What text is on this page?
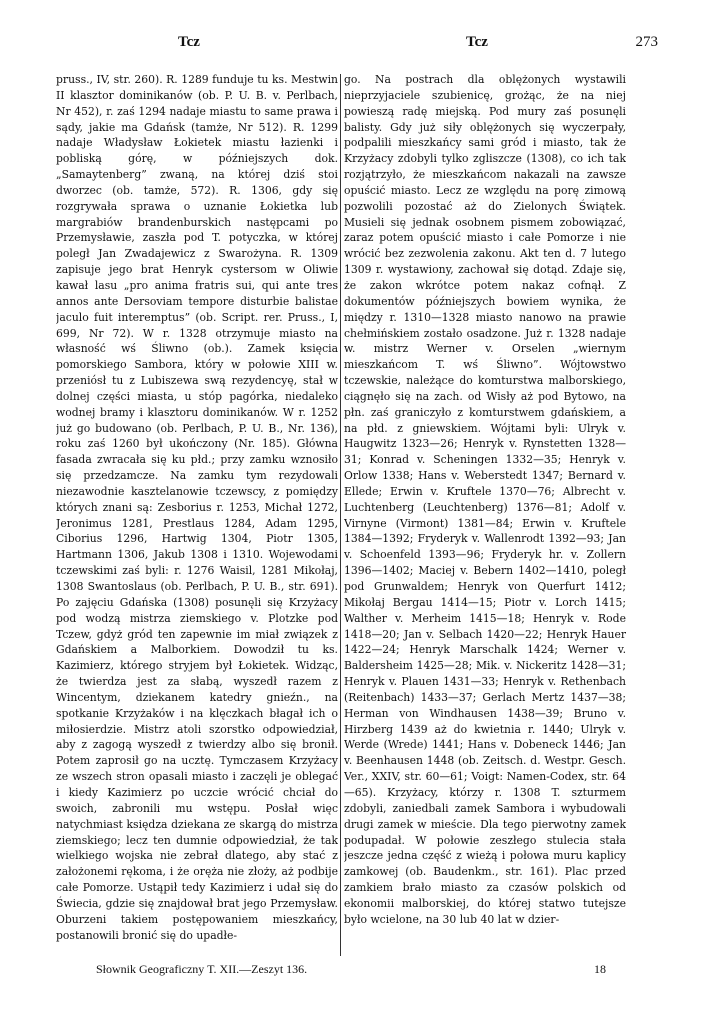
Tcz	Tcz	273

pruss., IV, str. 260). R. 1289 funduje tu ks. Mestwin II klasztor dominikanów (ob. P. U. B. v. Perlbach, Nr 452), r. zaś 1294 nadaje miastu to same prawa i sądy, jakie ma Gdańsk (tamże, Nr 512). R. 1299 nadaje Władysław Łokietek miastu łazienki i pobliską górę, w późniejszych dok. „Samaytenberg” zwaną, na której dziś stoi dworzec (ob. tamże, 572). R. 1306, gdy się rozgrywała sprawa o uznanie Łokietka lub margrabiów brandenburskich następcami po Przemysławie, zaszła pod T. potyczka, w której poległ Jan Zwadajewicz z Swarożyna. R. 1309 zapisuje jego brat Henryk cystersom w Oliwie kawał lasu „pro anima fratris sui, qui ante tres annos ante Dersoviam tempore disturbie balistae jaculo fuit interemptus” (ob. Script. rer. Pruss., I, 699, Nr 72). W r. 1328 otrzymuje miasto na własność wś Śliwno (ob.). Zamek księcia pomorskiego Sambora, który w połowie XIII w. przeniósł tu z Lubiszewa swą rezydencyę, stał w dolnej części miasta, u stóp pagórka, niedaleko wodnej bramy i klasztoru dominikanów. W r. 1252 już go budowano (ob. Perlbach, P. U. B., Nr. 136), roku zaś 1260 był ukończony (Nr. 185). Główna fasada zwracała się ku płd.; przy zamku wznosiło się przedzamcze. Na zamku tym rezydowali niezawodnie kasztelanowie tczewscy, z pomiędzy których znani są: Zesborius r. 1253, Michał 1272, Jeronimus 1281, Prestlaus 1284, Adam 1295, Ciborius 1296, Hartwig 1304, Piotr 1305, Hartmann 1306, Jakub 1308 i 1310. Wojewodami tczewskimi zaś byli: r. 1276 Waisil, 1281 Mikołaj, 1308 Swantoslaus (ob. Perlbach, P. U. B., str. 691). Po zajęciu Gdańska (1308) posunęli się Krzyżacy pod wodzą mistrza ziemskiego v. Plotzke pod Tczew, gdyż gród ten zapewnie im miał związek z Gdańskiem a Malborkiem. Dowodził tu ks. Kazimierz, którego stryjem był Łokietek. Widząc, że twierdza jest za słabą, wyszedł razem z Wincentym, dziekanem katedry gnieźn., na spotkanie Krzyżaków i na klęczkach błagał ich o miłosierdzie. Mistrz atoli szorstko odpowiedział, aby z zagogą wyszedł z twierdzy albo się bronił. Potem zaprosił go na ucztę. Tymczasem Krzyżacy ze wszech stron opasali miasto i zaczęli je oblegać i kiedy Kazimierz po uczcie wrócić chciał do swoich, zabronili mu wstępu. Posłał więc natychmiast księdza dziekana ze skargą do mistrza ziemskiego; lecz ten dumnie odpowiedział, że tak wielkiego wojska nie zebrał dlatego, aby stać z założonemi rękoma, i że oręża nie złoży, aż podbije całe Pomorze. Ustąpił tedy Kazimierz i udał się do Świecia, gdzie się znajdował brat jego Przemysław. Oburzeni takiem postępowaniem mieszkańcy, postanowili bronić się do upadłe-

go. Na postrach dla oblężonych wystawili nieprzyjaciele szubienicę, grożąc, że na niej powieszą radę miejską. Pod mury zaś posunęli balisty. Gdy już siły oblężonych się wyczerpały, podpalili mieszkańcy sami gród i miasto, tak że Krzyżacy zdobyli tylko zgliszcze (1308), co ich tak rozjątrzyło, że mieszkańcom nakazali na zawsze opuścić miasto. Lecz ze względu na porę zimową pozwolili pozostać aż do Zielonych Świątek. Musieli się jednak osobnem pismem zobowiązać, zaraz potem opuścić miasto i całe Pomorze i nie wrócić bez zezwolenia zakonu. Akt ten d. 7 lutego 1309 r. wystawiony, zachował się dotąd. Zdaje się, że zakon wkrótce potem nakaz cofnął. Z dokumentów późniejszych bowiem wynika, że między r. 1310—1328 miasto nanowo na prawie chełmińskiem zostało osadzone. Już r. 1328 nadaje w. mistrz Werner v. Orselen „wiernym mieszkańcom T. wś Śliwno”. Wójtowstwo tczewskie, należące do komturstwa malborskiego, ciągnęło się na zach. od Wisły aż pod Bytowo, na płn. zaś graniczyło z komturstwem gdańskiem, a na płd. z gniewskiem. Wójtami byli: Ulryk v. Haugwitz 1323—26; Henryk v. Rynstetten 1328—31; Konrad v. Scheningen 1332—35; Henryk v. Orlow 1338; Hans v. Weberstedt 1347; Bernard v. Ellede; Erwin v. Kruftele 1370—76; Albrecht v. Luchtenberg (Leuchtenberg) 1376—81; Adolf v. Virnyne (Virmont) 1381—84; Erwin v. Kruftele 1384—1392; Fryderyk v. Wallenrodt 1392—93; Jan v. Schoenfeld 1393—96; Fryderyk hr. v. Zollern 1396—1402; Maciej v. Bebern 1402—1410, poległ pod Grunwaldem; Henryk von Querfurt 1412; Mikołaj Bergau 1414—15; Piotr v. Lorch 1415; Walther v. Merheim 1415—18; Henryk v. Rode 1418—20; Jan v. Selbach 1420—22; Henryk Hauer 1422—24; Henryk Marschalk 1424; Werner v. Baldersheim 1425—28; Mik. v. Nickeritz 1428—31; Henryk v. Plauen 1431—33; Henryk v. Rethenbach (Reitenbach) 1433—37; Gerlach Mertz 1437—38; Herman von Windhausen 1438—39; Bruno v. Hirzberg 1439 aż do kwietnia r. 1440; Ulryk v. Werde (Wrede) 1441; Hans v. Dobeneck 1446; Jan v. Beenhausen 1448 (ob. Zeitsch. d. Westpr. Gesch. Ver., XXIV, str. 60—61; Voigt: Namen-Codex, str. 64—65). Krzyżacy, którzy r. 1308 T. szturmem zdobyli, zaniedbali zamek Sambora i wybudowali drugi zamek w mieście. Dla tego pierwotny zamek podupadał. W połowie zeszłego stulecia stała jeszcze jedna część z wieżą i połowa muru kaplicy zamkowej (ob. Baudenkm., str. 161). Plac przed zamkiem brało miasto za czasów polskich od ekonomii malborskiej, do której statwo tutejsze było wcielone, na 30 lub 40 lat w dzier-

Słownik Geograficzny T. XII.—Zeszyt 136.	18
